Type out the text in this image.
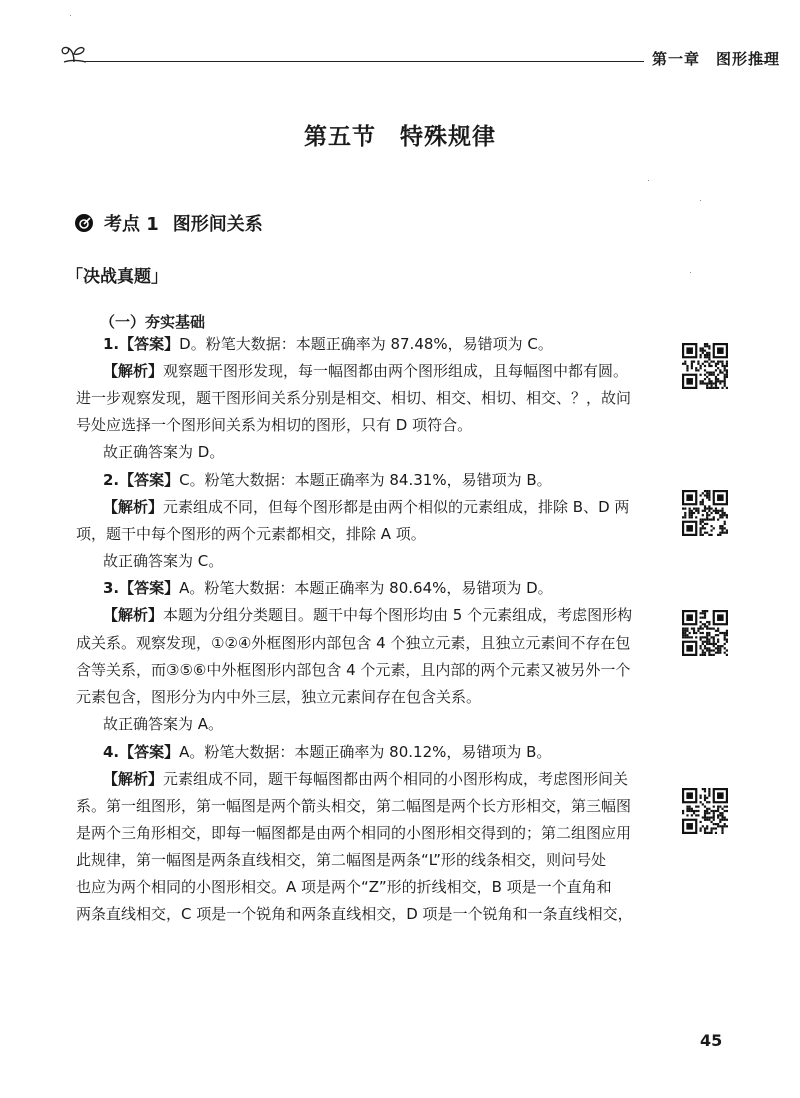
第一章　图形推理
第五节 特殊规律
考点 1 图形间关系
「决战真题」
（一）夯实基础
1.【答案】D。粉笔大数据：本题正确率为 87.48%，易错项为 C。
【解析】观察题干图形发现，每一幅图都由两个图形组成，且每幅图中都有圆。
进一步观察发现，题干图形间关系分别是相交、相切、相交、相切、相交、？，故问
号处应选择一个图形间关系为相切的图形，只有 D 项符合。
故正确答案为 D。
2.【答案】C。粉笔大数据：本题正确率为 84.31%，易错项为 B。
【解析】元素组成不同，但每个图形都是由两个相似的元素组成，排除 B、D 两
项，题干中每个图形的两个元素都相交，排除 A 项。
故正确答案为 C。
3.【答案】A。粉笔大数据：本题正确率为 80.64%，易错项为 D。
【解析】本题为分组分类题目。题干中每个图形均由 5 个元素组成，考虑图形构
成关系。观察发现，①②④外框图形内部包含 4 个独立元素，且独立元素间不存在包
含等关系，而③⑤⑥中外框图形内部包含 4 个元素，且内部的两个元素又被另外一个
元素包含，图形分为内中外三层，独立元素间存在包含关系。
故正确答案为 A。
4.【答案】A。粉笔大数据：本题正确率为 80.12%，易错项为 B。
【解析】元素组成不同，题干每幅图都由两个相同的小图形构成，考虑图形间关
系。第一组图形，第一幅图是两个箭头相交，第二幅图是两个长方形相交，第三幅图
是两个三角形相交，即每一幅图都是由两个相同的小图形相交得到的；第二组图应用
此规律，第一幅图是两条直线相交，第二幅图是两条“L”形的线条相交，则问号处
也应为两个相同的小图形相交。A 项是两个“Z”形的折线相交，B 项是一个直角和
两条直线相交，C 项是一个锐角和两条直线相交，D 项是一个锐角和一条直线相交，
45
